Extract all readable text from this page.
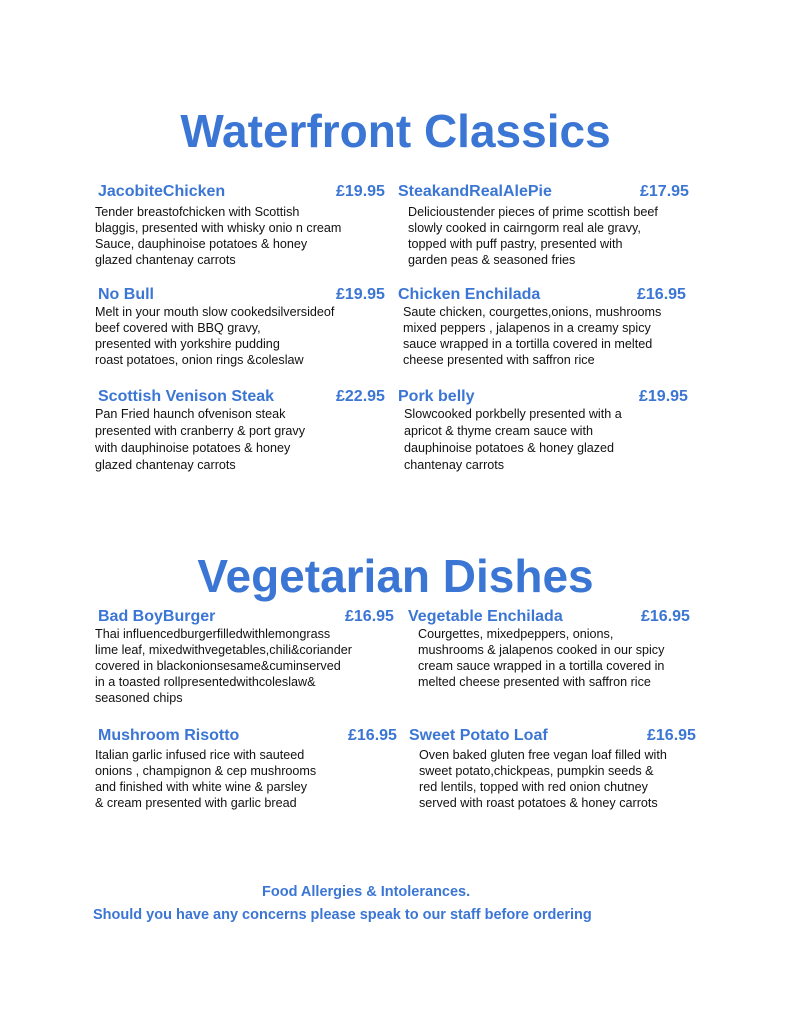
Waterfront Classics
JacobiteChicken	£19.95
Tender breastofchicken with Scottish
blaggis, presented with whisky onio n cream
Sauce, dauphinoise potatoes & honey
glazed chantenay carrots
SteakandRealAlePie	£17.95
Delicioustender pieces of prime scottish beef
slowly cooked in cairngorm real ale gravy,
topped with puff pastry, presented with
garden peas & seasoned fries
No Bull	£19.95
Melt in your mouth slow cookedsilversideof
beef covered with BBQ gravy,
presented with yorkshire pudding
roast potatoes, onion rings &coleslaw
Chicken Enchilada	£16.95
Saute chicken, courgettes,onions, mushrooms
mixed peppers , jalapenos in a creamy spicy
sauce wrapped in a tortilla covered in melted
cheese presented with saffron rice
Scottish Venison Steak	£22.95
Pan Fried haunch ofvenison steak
presented with cranberry & port gravy
with dauphinoise potatoes & honey
glazed chantenay carrots
Pork belly	£19.95
Slowcooked porkbelly presented with a
apricot & thyme cream sauce with
dauphinoise potatoes & honey glazed
chantenay carrots
Vegetarian Dishes
Bad BoyBurger	£16.95
Thai influencedburgerfilledwithlemongrass
lime leaf, mixedwithvegetables,chili&coriander
covered in blackonionsesame&cuminserved
in a toasted rollpresentedwithcoleslaw&
seasoned chips
Vegetable Enchilada	£16.95
Courgettes, mixedpeppers, onions,
mushrooms & jalapenos cooked in our spicy
cream sauce wrapped in a tortilla covered in
melted cheese presented with saffron rice
Mushroom Risotto	£16.95
Italian garlic infused rice with sauteed
onions , champignon & cep mushrooms
and finished with white wine & parsley
& cream presented with garlic bread
Sweet Potato Loaf	£16.95
Oven baked gluten free vegan loaf filled with
sweet potato,chickpeas, pumpkin seeds &
red lentils, topped with red onion chutney
served with roast potatoes & honey carrots
Food Allergies & Intolerances.
Should you have any concerns please speak to our staff before ordering
